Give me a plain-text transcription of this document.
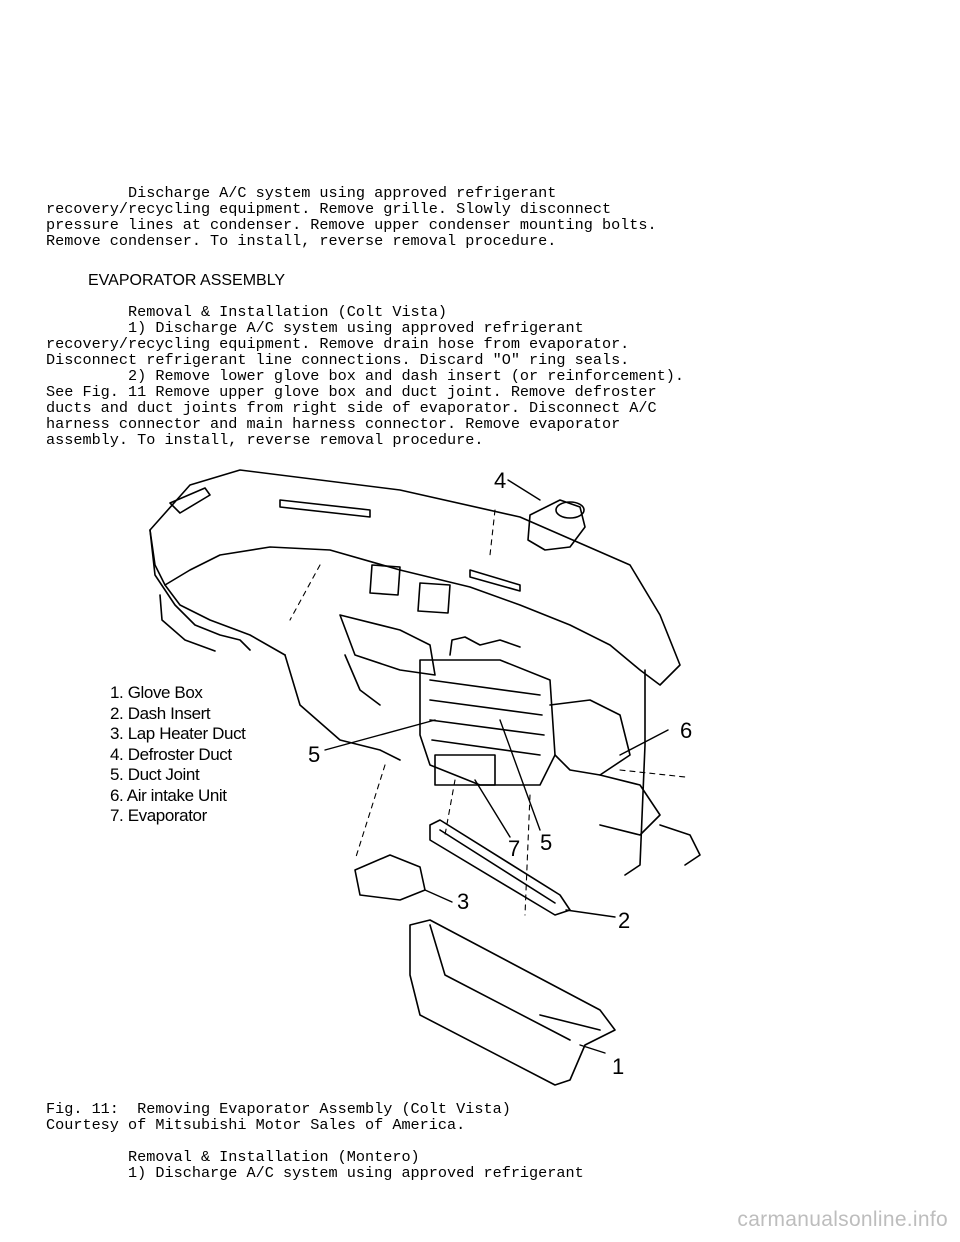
Discharge A/C system using approved refrigerant
recovery/recycling equipment. Remove grille. Slowly disconnect
pressure lines at condenser. Remove upper condenser mounting bolts.
Remove condenser. To install, reverse removal procedure.
EVAPORATOR ASSEMBLY
Removal & Installation (Colt Vista)
1) Discharge A/C system using approved refrigerant
recovery/recycling equipment. Remove drain hose from evaporator.
Disconnect refrigerant line connections. Discard "O" ring seals.
2) Remove lower glove box and dash insert (or reinforcement).
See Fig. 11 Remove upper glove box and duct joint. Remove defroster
ducts and duct joints from right side of evaporator. Disconnect A/C
harness connector and main harness connector. Remove evaporator
assembly. To install, reverse removal procedure.
1. Glove Box
2. Dash Insert
3. Lap Heater Duct
4. Defroster Duct
5. Duct Joint
6. Air intake Unit
7. Evaporator
4
5
5
6
7
3
2
1
Fig. 11:  Removing Evaporator Assembly (Colt Vista)
Courtesy of Mitsubishi Motor Sales of America.
Removal & Installation (Montero)
1) Discharge A/C system using approved refrigerant
carmanualsonline.info
